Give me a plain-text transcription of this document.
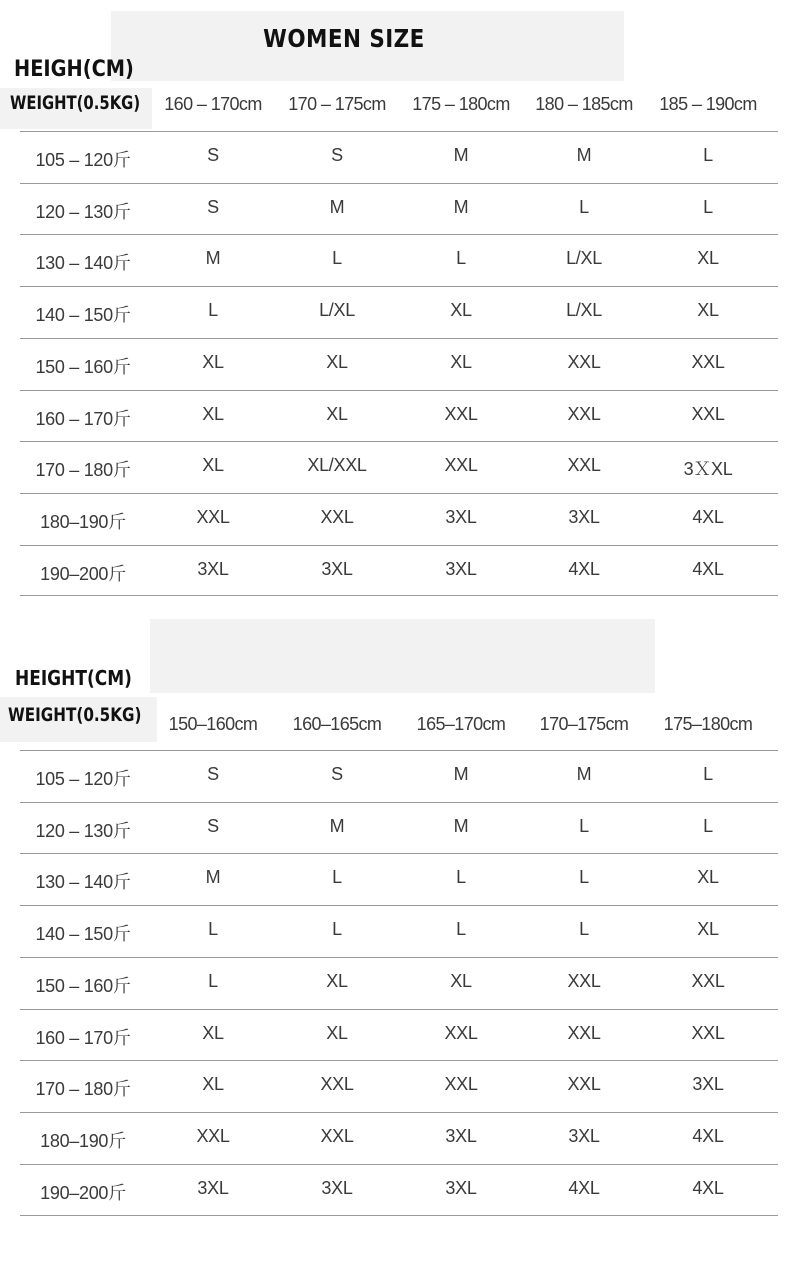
WOMEN SIZE
HEIGH(CM)
WEIGHT(0.5KG)	160 – 170cm	170 – 175cm	175 – 180cm	180 – 185cm	185 – 190cm
105 – 120斤	S	S	M	M	L
120 – 130斤	S	M	M	L	L
130 – 140斤	M	L	L	L/XL	XL
140 – 150斤	L	L/XL	XL	L/XL	XL
150 – 160斤	XL	XL	XL	XXL	XXL
160 – 170斤	XL	XL	XXL	XXL	XXL
170 – 180斤	XL	XL/XXL	XXL	XXL	3ＸXL
180–190斤	XXL	XXL	3XL	3XL	4XL
190–200斤	3XL	3XL	3XL	4XL	4XL
HEIGHT(CM)
WEIGHT(0.5KG)	150–160cm	160–165cm	165–170cm	170–175cm	175–180cm
105 – 120斤	S	S	M	M	L
120 – 130斤	S	M	M	L	L
130 – 140斤	M	L	L	L	XL
140 – 150斤	L	L	L	L	XL
150 – 160斤	L	XL	XL	XXL	XXL
160 – 170斤	XL	XL	XXL	XXL	XXL
170 – 180斤	XL	XXL	XXL	XXL	3XL
180–190斤	XXL	XXL	3XL	3XL	4XL
190–200斤	3XL	3XL	3XL	4XL	4XL
